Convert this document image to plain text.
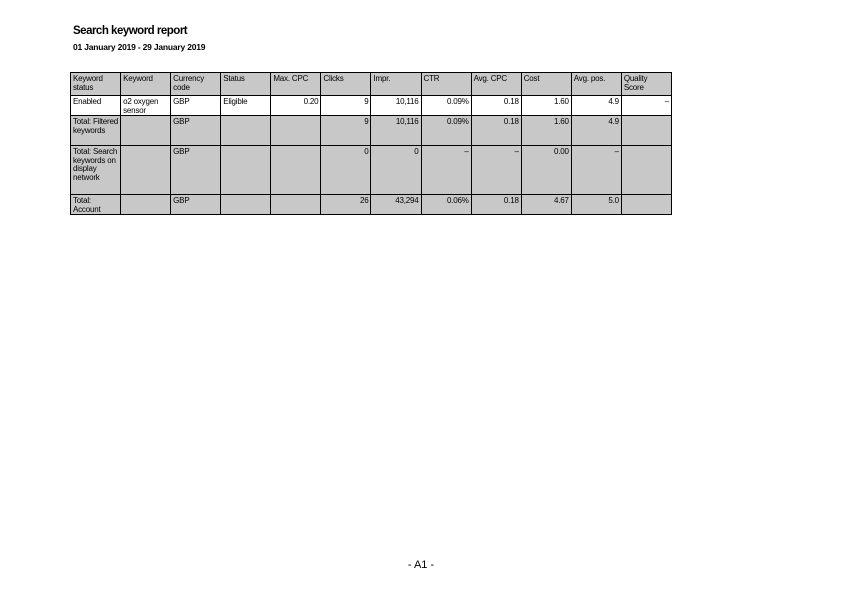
Search keyword report
01 January 2019 - 29 January 2019
Keyword status	Keyword	Currency code	Status	Max. CPC	Clicks	Impr.	CTR	Avg. CPC	Cost	Avg. pos.	Quality Score
Enabled	o2 oxygen sensor	GBP	Eligible	0.20	9	10,116	0.09%	0.18	1.60	4.9	–
Total: Filtered keywords		GBP			9	10,116	0.09%	0.18	1.60	4.9	
Total: Search keywords on display network		GBP			0	0	–	–	0.00	–	
Total: Account		GBP			26	43,294	0.06%	0.18	4.67	5.0	
- A1 -
